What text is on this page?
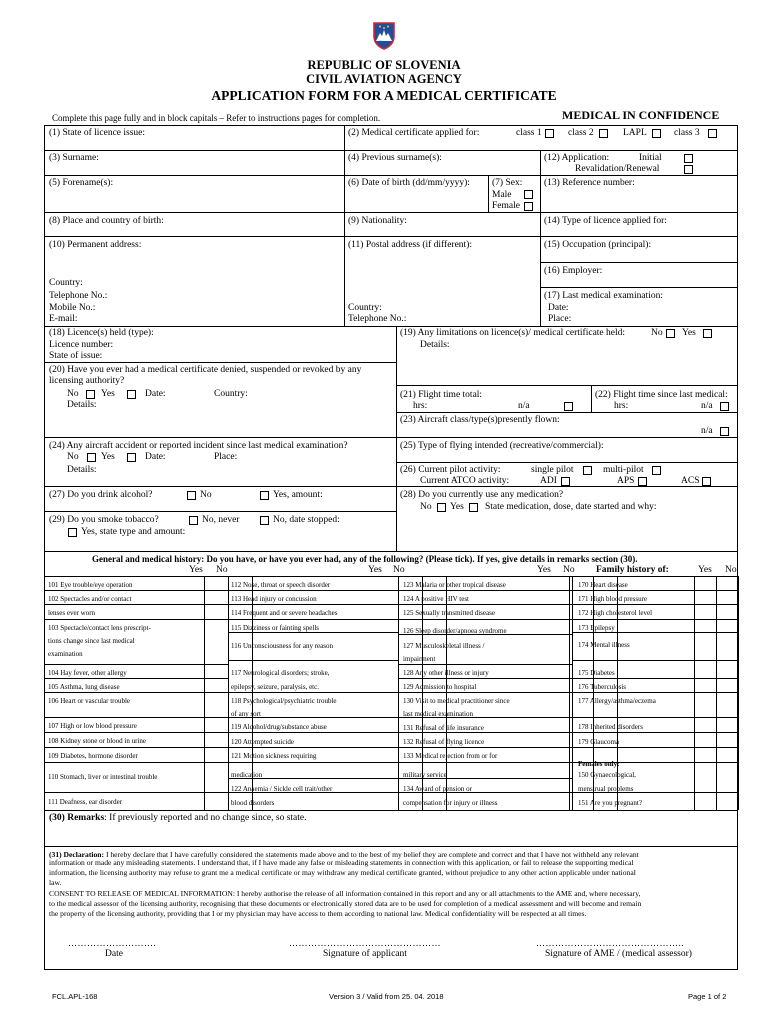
REPUBLIC OF SLOVENIA
CIVIL AVIATION AGENCY
APPLICATION FORM FOR A MEDICAL CERTIFICATE
Complete this page fully and in block capitals – Refer to instructions pages for completion.	MEDICAL IN CONFIDENCE
(1) State of licence issue:	(2) Medical certificate applied for:	class 1	class 2	LAPL	class 3
(3) Surname:	(4) Previous surname(s):	(12) Application:	Initial
Revalidation/Renewal
(5) Forename(s):	(6) Date of birth (dd/mm/yyyy): (7) Sex:
Male
Female
(13) Reference number:
(8) Place and country of birth:	(9) Nationality:	(14) Type of licence applied for:
(10) Permanent address:
Country:
Telephone No.:
Mobile No.:
E-mail:
(11) Postal address (if different):
Country:
Telephone No.:
(15) Occupation (principal):
(16) Employer:
(17) Last medical examination:
Date:
Place:
(18) Licence(s) held (type):
Licence number:
State of issue:
(19) Any limitations on licence(s)/ medical certificate held:	No Yes
Details:
(20) Have you ever had a medical certificate denied, suspended or revoked by any
licensing authority?
No Yes	Date:	Country:
Details:
(21) Flight time total:
hrs:	n/a
(22) Flight time since last medical:
hrs:	n/a
(23) Aircraft class/type(s)presently flown:
n/a
(24) Any aircraft accident or reported incident since last medical examination?
No Yes	Date:	Place:
Details:
(25) Type of flying intended (recreative/commercial):
(26) Current pilot activity:	single pilot	multi-pilot
Current ATCO activity:	ADI	APS	ACS
(27) Do you drink alcohol?	No	Yes, amount:	(28) Do you currently use any medication?
No Yes State medication, dose, date started and why:
(29) Do you smoke tobacco?	No, never	No, date stopped:
Yes, state type and amount:
General and medical history: Do you have, or have you ever had, any of the following? (Please tick). If yes, give details in remarks section (30).
Yes No	Yes No	Yes No Family history of:	Yes No
101 Eye trouble/eye operation
102 Spectacles and/or contact
lenses ever worn
103 Spectacle/contact lens prescript-
tions change since last medical
examination
104 Hay fever, other allergy
105 Asthma, lung disease
106 Heart or vascular trouble
107 High or low blood pressure
108 Kidney stone or blood in urine
109 Diabetes, hormone disorder
110 Stomach, liver or intestinal trouble
111 Deafness, ear disorder
112 Nose, throat or speech disorder
113 Head injury or concussion
114 Frequent and or severe headaches
115 Dizziness or fainting spells
116 Unconsciousness for any reason
117 Neurological disorders; stroke,
epilepsy, seizure, paralysis, etc.
118 Psychological/psychiatric trouble
of any sort
119 Alcohol/drug/substance abuse
120 Attempted suicide
121 Motion sickness requiring
medication
122 Anaemia / Sickle cell trait/other
blood disorders
123 Malaria or other tropical disease
124 A positive HIV test
125 Sexually transmitted disease
126 Sleep disorder/apnoea syndrome
127 Musculoskeletal illness /
impairment
128 Any other illness or injury
129 Admission to hospital
130 Visit to medical practitioner since
last medical examination
131 Refusal of life insurance
132 Refusal of flying licence
133 Medical rejection from or for
military service
134 Award of pension or
compensation for injury or illness
170 Heart disease
171 High blood pressure
172 High cholesterol level
173 Epilepsy
174 Mental illness
175 Diabetes
176 Tuberculosis
177 Allergy/asthma/eczema
178 Inherited disorders
179 Glaucoma
Females only:
150 Gynaecological,
menstrual problems
151 Are you pregnant?
(30) Remarks: If previously reported and no change since, so state.
(31) Declaration: I hereby declare that I have carefully considered the statements made above and to the best of my belief they are complete and correct and that I have not withheld any relevant
information or made any misleading statements. I understand that, if I have made any false or misleading statements in connection with this application, or fail to release the supporting medical
information, the licensing authority may refuse to grant me a medical certificate or may withdraw any medical certificate granted, without prejudice to any other action applicable under national
law.
CONSENT TO RELEASE OF MEDICAL INFORMATION: I hereby authorise the release of all information contained in this report and any or all attachments to the AME and, where necessary,
to the medical assessor of the licensing authority, recognising that these documents or electronically stored data are to be used for completion of a medical assessment and will become and remain
the property of the licensing authority, providing that I or my physician may have access to them according to national law. Medical confidentiality will be respected at all times.
……………………….
Date
…………………………………………
Signature of applicant
………………………………………..
Signature of AME / (medical assessor)
FCL.APL-168	Version 3 / Valid from 25. 04. 2018	Page 1 of 2
